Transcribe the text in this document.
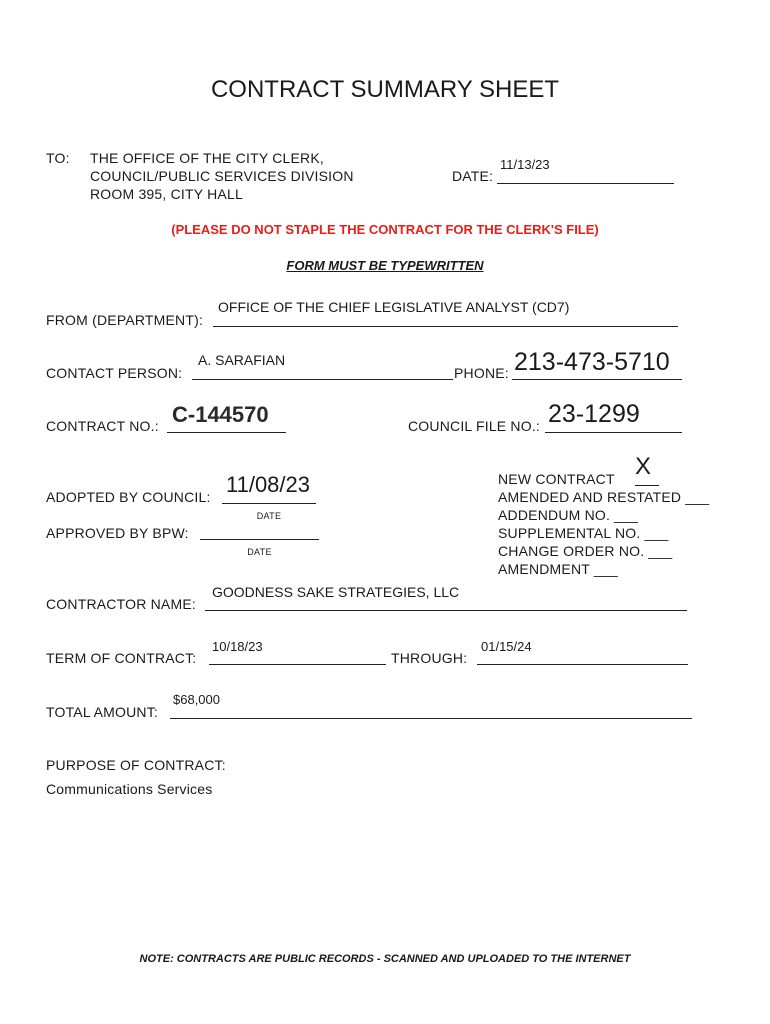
CONTRACT SUMMARY SHEET
TO: THE OFFICE OF THE CITY CLERK,
COUNCIL/PUBLIC SERVICES DIVISION
ROOM 395, CITY HALL
DATE:
11/13/23
(PLEASE DO NOT STAPLE THE CONTRACT FOR THE CLERK'S FILE)
FORM MUST BE TYPEWRITTEN
FROM (DEPARTMENT):
OFFICE OF THE CHIEF LEGISLATIVE ANALYST (CD7)
CONTACT PERSON:
A. SARAFIAN
PHONE: 213-473-5710
CONTRACT NO.: C-144570	COUNCIL FILE NO.: 23-1299
ADOPTED BY COUNCIL: 11/08/23
DATE
APPROVED BY BPW:
DATE
NEW CONTRACT X
AMENDED AND RESTATED ___
ADDENDUM NO. ___
SUPPLEMENTAL NO. ___
CHANGE ORDER NO. ___
AMENDMENT ___
CONTRACTOR NAME:
GOODNESS SAKE STRATEGIES, LLC
TERM OF CONTRACT:
10/18/23
THROUGH:
01/15/24
TOTAL AMOUNT:
$68,000
PURPOSE OF CONTRACT:
Communications Services
NOTE: CONTRACTS ARE PUBLIC RECORDS - SCANNED AND UPLOADED TO THE INTERNET
